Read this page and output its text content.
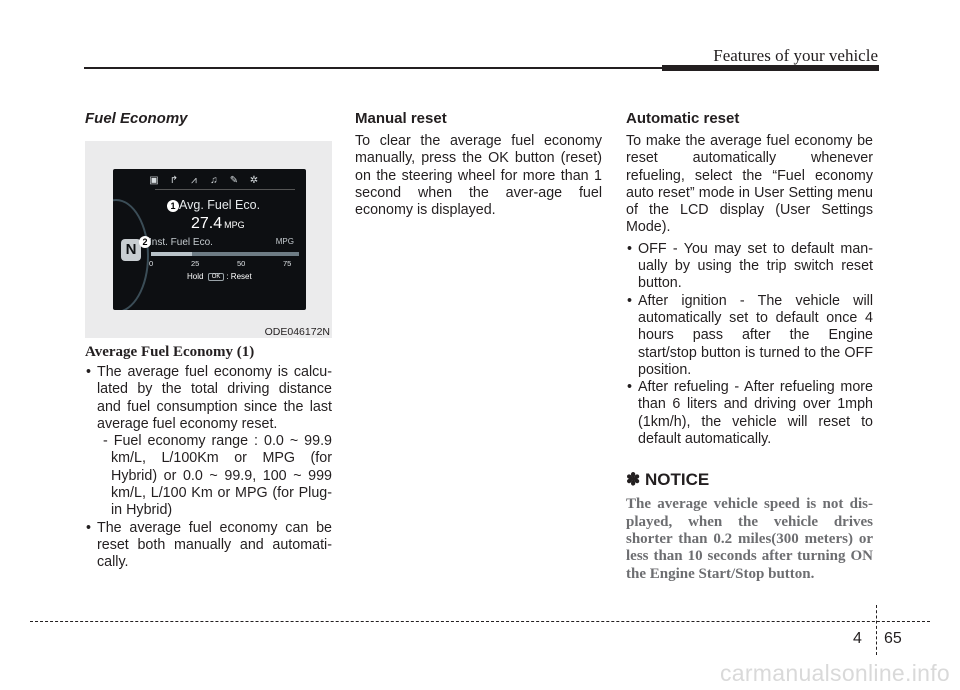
Features of your vehicle

Fuel Economy

▣ ↱ ⩘ ♫ ✎ ✲
1 Avg. Fuel Eco.
27.4 MPG
N 2 Inst. Fuel Eco.	MPG
0	25	50	75
Hold OK : Reset
ODE046172N

Average Fuel Economy (1)

• The average fuel economy is calcu-lated by the total driving distance and fuel consumption since the last average fuel economy reset.

- Fuel economy range : 0.0 ~ 99.9 km/L, L/100Km or MPG (for Hybrid) or 0.0 ~ 99.9, 100 ~ 999 km/L, L/100 Km or MPG (for Plug-in Hybrid)

• The average fuel economy can be reset both manually and automati-cally.

Manual reset

To clear the average fuel economy manually, press the OK button (reset) on the steering wheel for more than 1 second when the aver-age fuel economy is displayed.

Automatic reset

To make the average fuel economy be reset automatically whenever refueling, select the “Fuel economy auto reset” mode in User Setting menu of the LCD display (User Settings Mode).

• OFF - You may set to default man-ually by using the trip switch reset button.
• After ignition - The vehicle will automatically set to default once 4 hours pass after the Engine start/stop button is turned to the OFF position.
• After refueling - After refueling more than 6 liters and driving over 1mph (1km/h), the vehicle will reset to default automatically.

✽ NOTICE

The average vehicle speed is not dis-played, when the vehicle drives shorter than 0.2 miles(300 meters) or less than 10 seconds after turning ON the Engine Start/Stop button.

4 65
carmanualsonline.info
